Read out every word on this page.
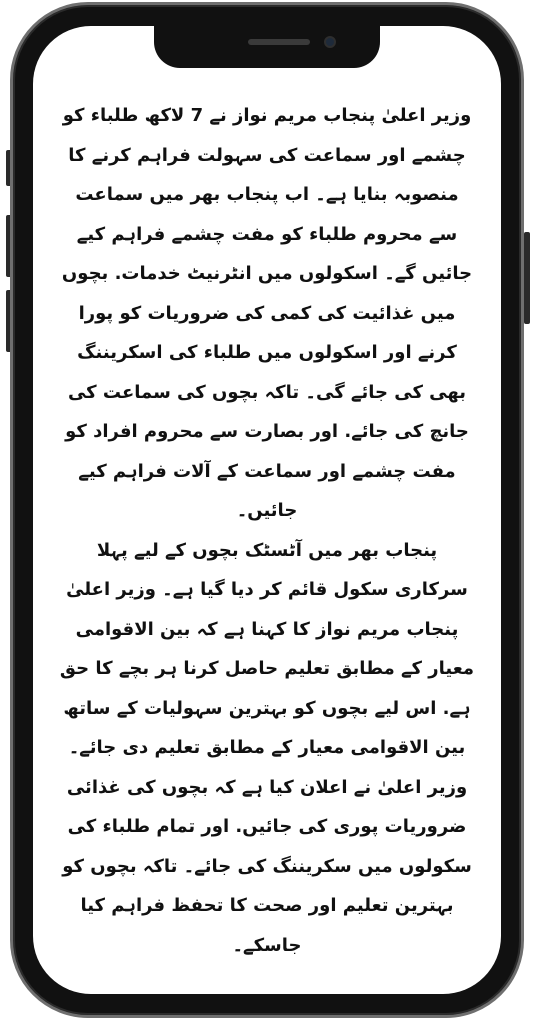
وزیر اعلیٰ پنجاب مریم نواز نے 7 لاکھ طلباء کو چشمے اور سماعت کی سہولت فراہم کرنے کا منصوبہ بنایا ہے۔ اب پنجاب بھر میں سماعت سے محروم طلباء کو مفت چشمے فراہم کیے جائیں گے۔ اسکولوں میں انٹرنیٹ خدمات. بچوں میں غذائیت کی کمی کی ضروریات کو پورا کرنے اور اسکولوں میں طلباء کی اسکریننگ بھی کی جائے گی۔ تاکہ بچوں کی سماعت کی جانچ کی جائے. اور بصارت سے محروم افراد کو مفت چشمے اور سماعت کے آلات فراہم کیے جائیں۔

پنجاب بھر میں آٹسٹک بچوں کے لیے پہلا سرکاری سکول قائم کر دیا گیا ہے۔ وزیر اعلیٰ پنجاب مریم نواز کا کہنا ہے کہ بین الاقوامی معیار کے مطابق تعلیم حاصل کرنا ہر بچے کا حق ہے. اس لیے بچوں کو بہترین سہولیات کے ساتھ بین الاقوامی معیار کے مطابق تعلیم دی جائے۔

وزیر اعلیٰ نے اعلان کیا ہے کہ بچوں کی غذائی ضروریات پوری کی جائیں. اور تمام طلباء کی سکولوں میں سکریننگ کی جائے۔ تاکہ بچوں کو بہترین تعلیم اور صحت کا تحفظ فراہم کیا جاسکے۔
